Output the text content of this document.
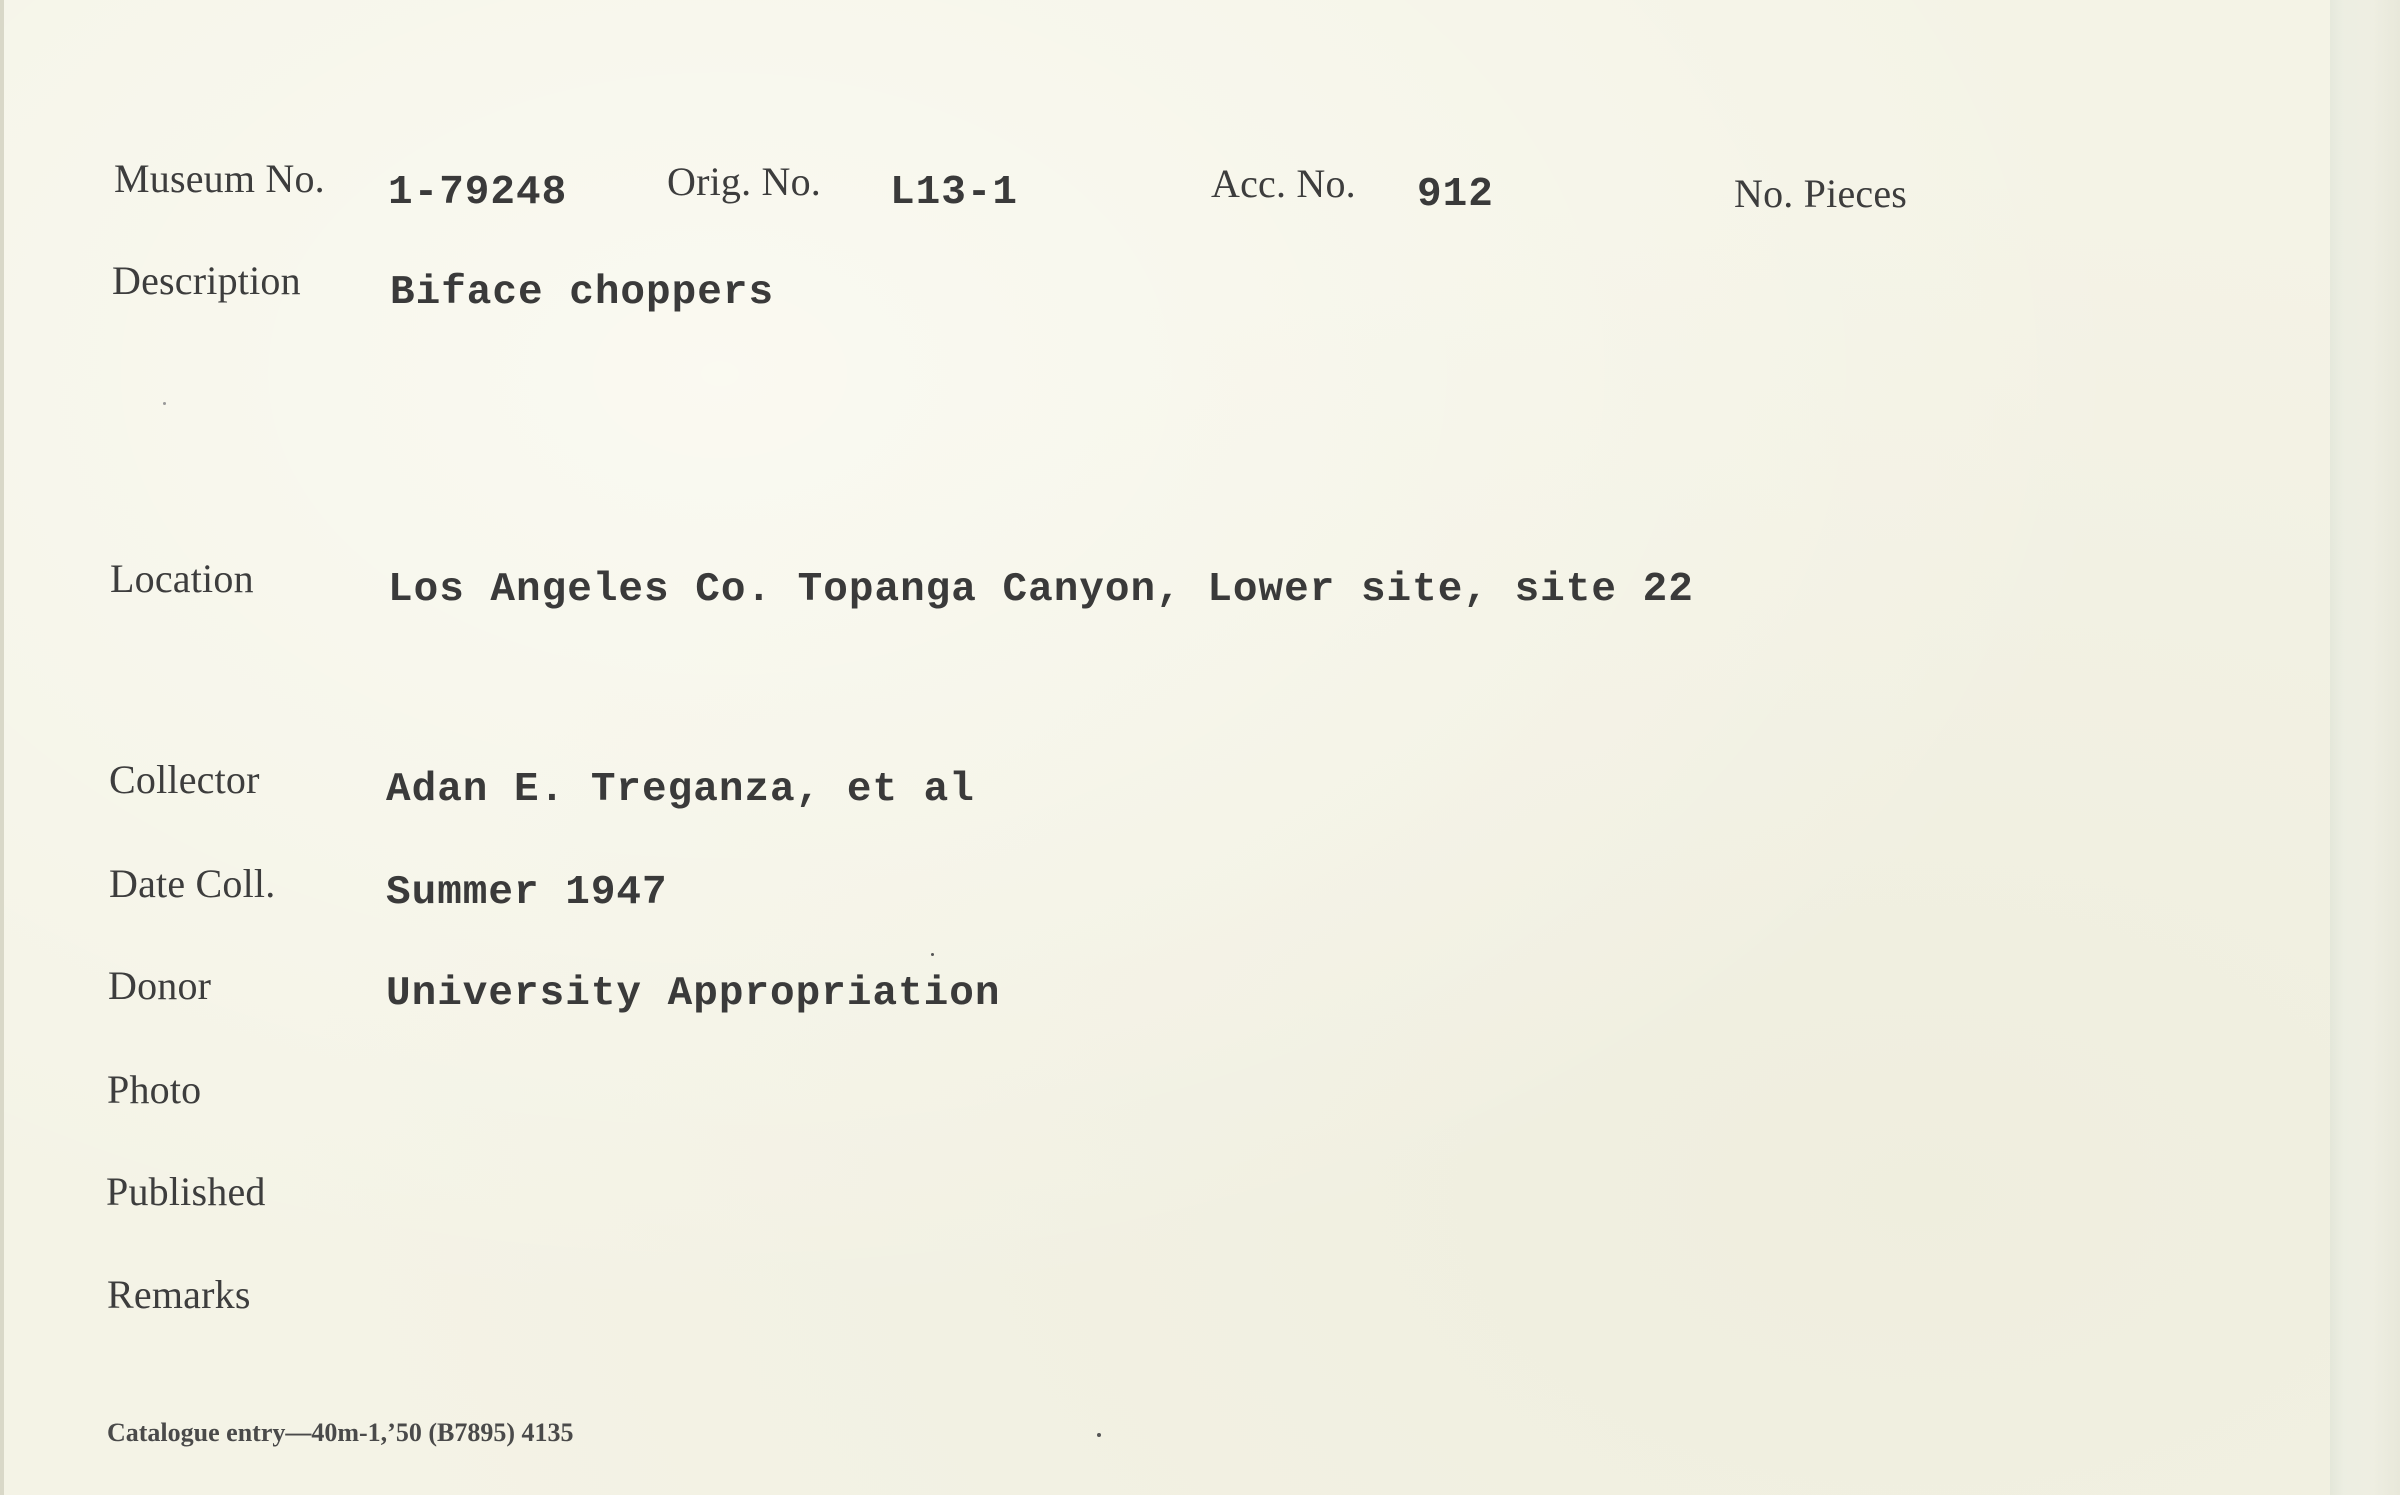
Museum No. 1-79248 Orig. No. L13-1	Acc. No. 912	No. Pieces
Description Biface choppers
Location	Los Angeles Co. Topanga Canyon, Lower site, site 22
Collector	Adan E. Treganza, et al
Date Coll.	Summer 1947
Donor	University Appropriation
Photo
Published
Remarks
Catalogue entry—40m-1,’50 (B7895) 4135
